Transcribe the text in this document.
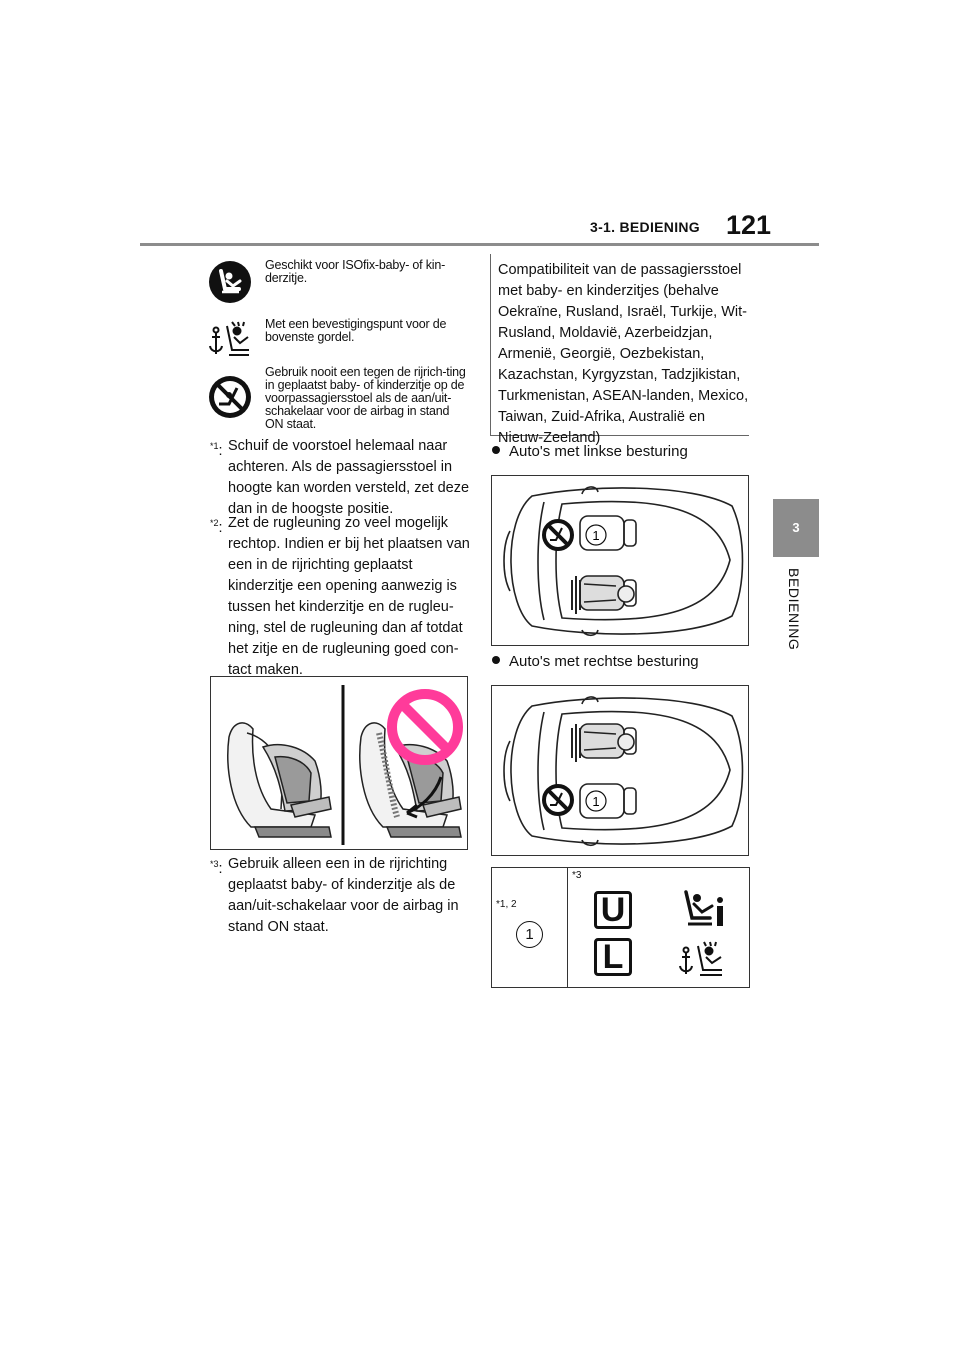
3-1. BEDIENING 121
3
BEDIENING
Geschikt voor ISOfix-baby- of kin-derzitje.
Met een bevestigingspunt voor de bovenste gordel.
Gebruik nooit een tegen de rijrich-ting in geplaatst baby- of kinderzitje op de voorpassagiersstoel als de aan/uit-schakelaar voor de airbag in stand ON staat.
$^{*1}$: Schuif de voorstoel helemaal naar achteren. Als de passagiersstoel in hoogte kan worden versteld, zet deze dan in de hoogste positie.
$^{*2}$: Zet de rugleuning zo veel mogelijk rechtop. Indien er bij het plaatsen van een in de rijrichting geplaatst kinderzitje een opening aanwezig is tussen het kinderzitje en de rugleu-ning, stel de rugleuning dan af totdat het zitje en de rugleuning goed con-tact maken.
$^{*3}$: Gebruik alleen een in de rijrichting geplaatst baby- of kinderzitje als de aan/uit-schakelaar voor de airbag in stand ON staat.
Compatibiliteit van de passagiersstoel met baby- en kinderzitjes (behalve Oekraïne, Rusland, Israël, Turkije, Wit-Rusland, Moldavië, Azerbeidzjan, Armenië, Georgië, Oezbekistan, Kazachstan, Kyrgyzstan, Tadzjikistan, Turkmenistan, ASEAN-landen, Mexico, Taiwan, Zuid-Afrika, Australië en Nieuw-Zeeland)
Auto's met linkse besturing
1
Auto's met rechtse besturing
1
*1, 2
*3
1
U
L
